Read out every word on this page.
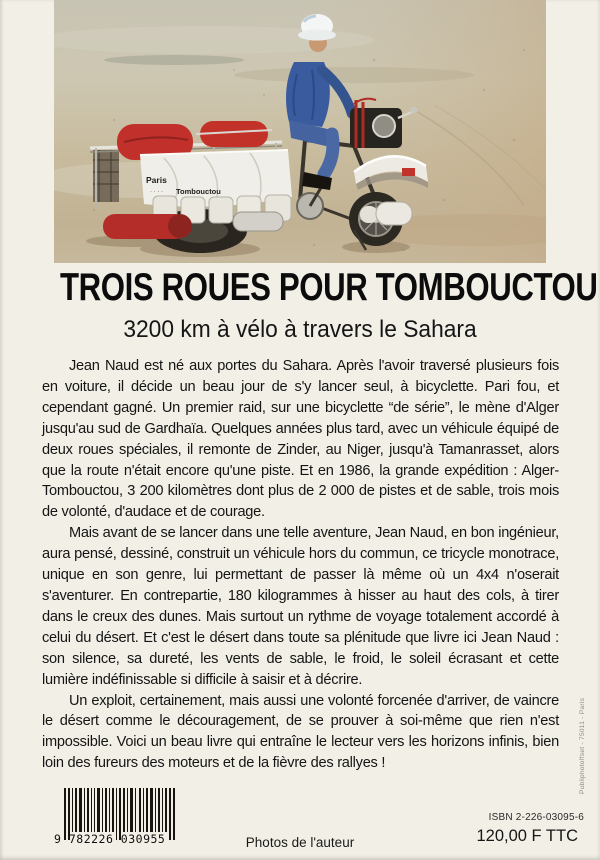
Paris
· · · · Tombouctou
TROIS ROUES POUR TOMBOUCTOU
3200 km à vélo à travers le Sahara

Jean Naud est né aux portes du Sahara. Après l'avoir traversé plusieurs fois en voiture, il décide un beau jour de s'y lancer seul, à bicyclette. Pari fou, et cependant gagné. Un premier raid, sur une bicyclette “de série”, le mène d'Alger jusqu'au sud de Gardhaïa. Quelques années plus tard, avec un véhicule équipé de deux roues spéciales, il remonte de Zinder, au Niger, jusqu'à Tamanrasset, alors que la route n'était encore qu'une piste. Et en 1986, la grande expédition : Alger-Tombouctou, 3 200 kilomètres dont plus de 2 000 de pistes et de sable, trois mois de volonté, d'audace et de courage.

Mais avant de se lancer dans une telle aventure, Jean Naud, en bon ingénieur, aura pensé, dessiné, construit un véhicule hors du commun, ce tricycle monotrace, unique en son genre, lui permettant de passer là même où un 4x4 n'oserait s'aventurer. En contrepartie, 180 kilogrammes à hisser au haut des cols, à tirer dans le creux des dunes. Mais surtout un rythme de voyage totalement accordé à celui du désert. Et c'est le désert dans toute sa plénitude que livre ici Jean Naud : son silence, sa dureté, les vents de sable, le froid, le soleil écrasant et cette lumière indéfinissable si difficile à saisir et à décrire.

Un exploit, certainement, mais aussi une volonté forcenée d'arriver, de vaincre le désert comme le découragement, de se prouver à soi-même que rien n'est impossible. Voici un beau livre qui entraîne le lecteur vers les horizons infinis, bien loin des fureurs des moteurs et de la fièvre des rallyes !

9 782226 030955	Photos de l'auteur
ISBN 2-226-03095-6
120,00 F TTC
Publiphotoffset - 75011 - Paris
